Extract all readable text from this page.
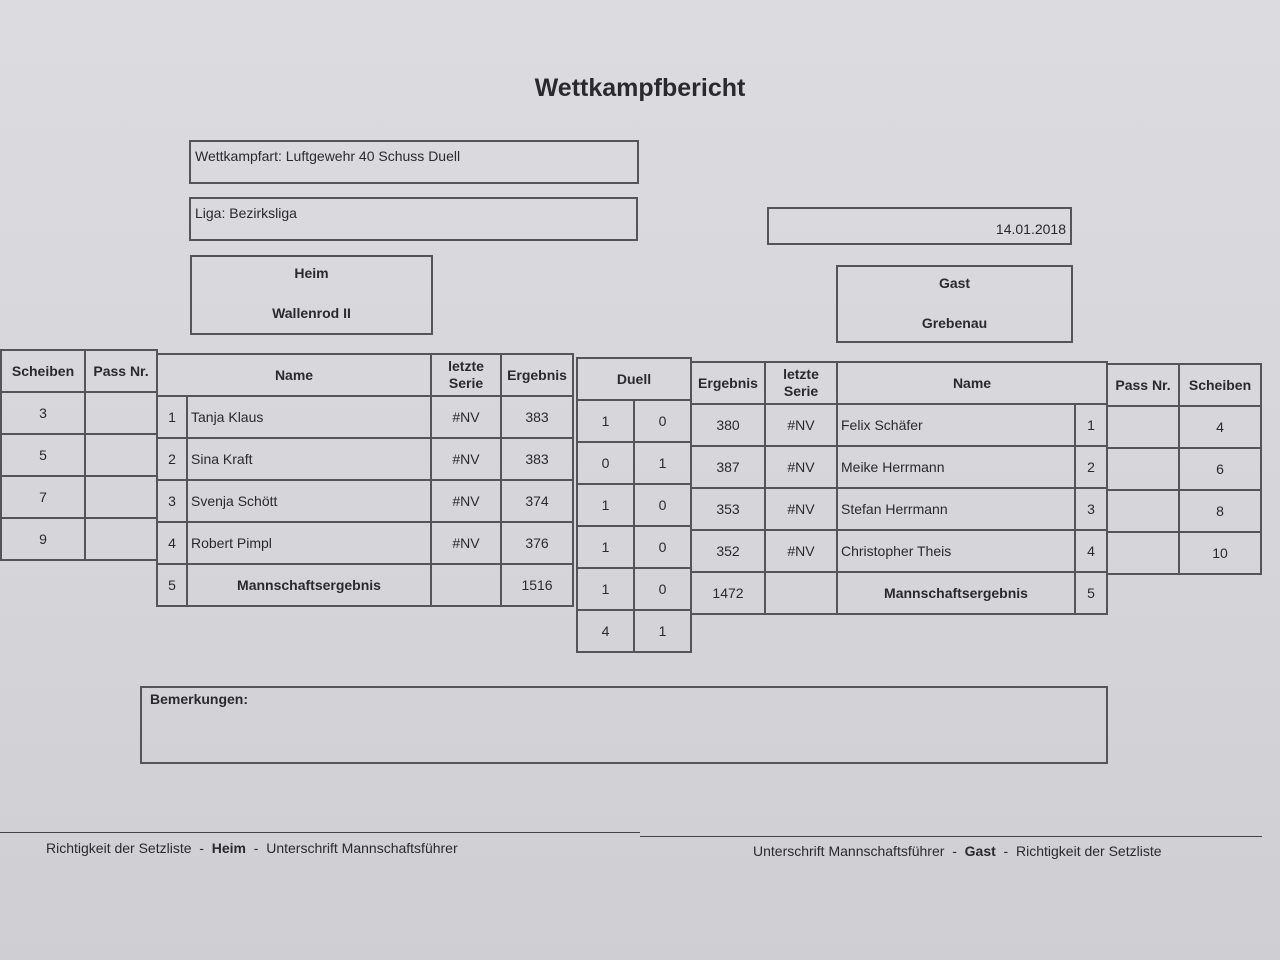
Wettkampfbericht
Wettkampfart: Luftgewehr 40 Schuss Duell
Liga: Bezirksliga
14.01.2018
Heim
Wallenrod II
Gast
Grebenau
Scheiben	Pass Nr.
3	
5	
7	
9	
Name		letzte Serie	Ergebnis
1	Tanja Klaus	#NV	383
2	Sina Kraft	#NV	383
3	Svenja Schött	#NV	374
4	Robert Pimpl	#NV	376
5	Mannschaftsergebnis		1516
Duell	
1	0
0	1
1	0
1	0
1	0
4	1
Ergebnis	letzte Serie	Name	
380	#NV	Felix Schäfer	1
387	#NV	Meike Herrmann	2
353	#NV	Stefan Herrmann	3
352	#NV	Christopher Theis	4
1472		Mannschaftsergebnis	5
Pass Nr.	Scheiben
	4
	6
	8
	10
Bemerkungen:
Richtigkeit der Setzliste - Heim - Unterschrift Mannschaftsführer	Unterschrift Mannschaftsführer - Gast - Richtigkeit der Setzliste
